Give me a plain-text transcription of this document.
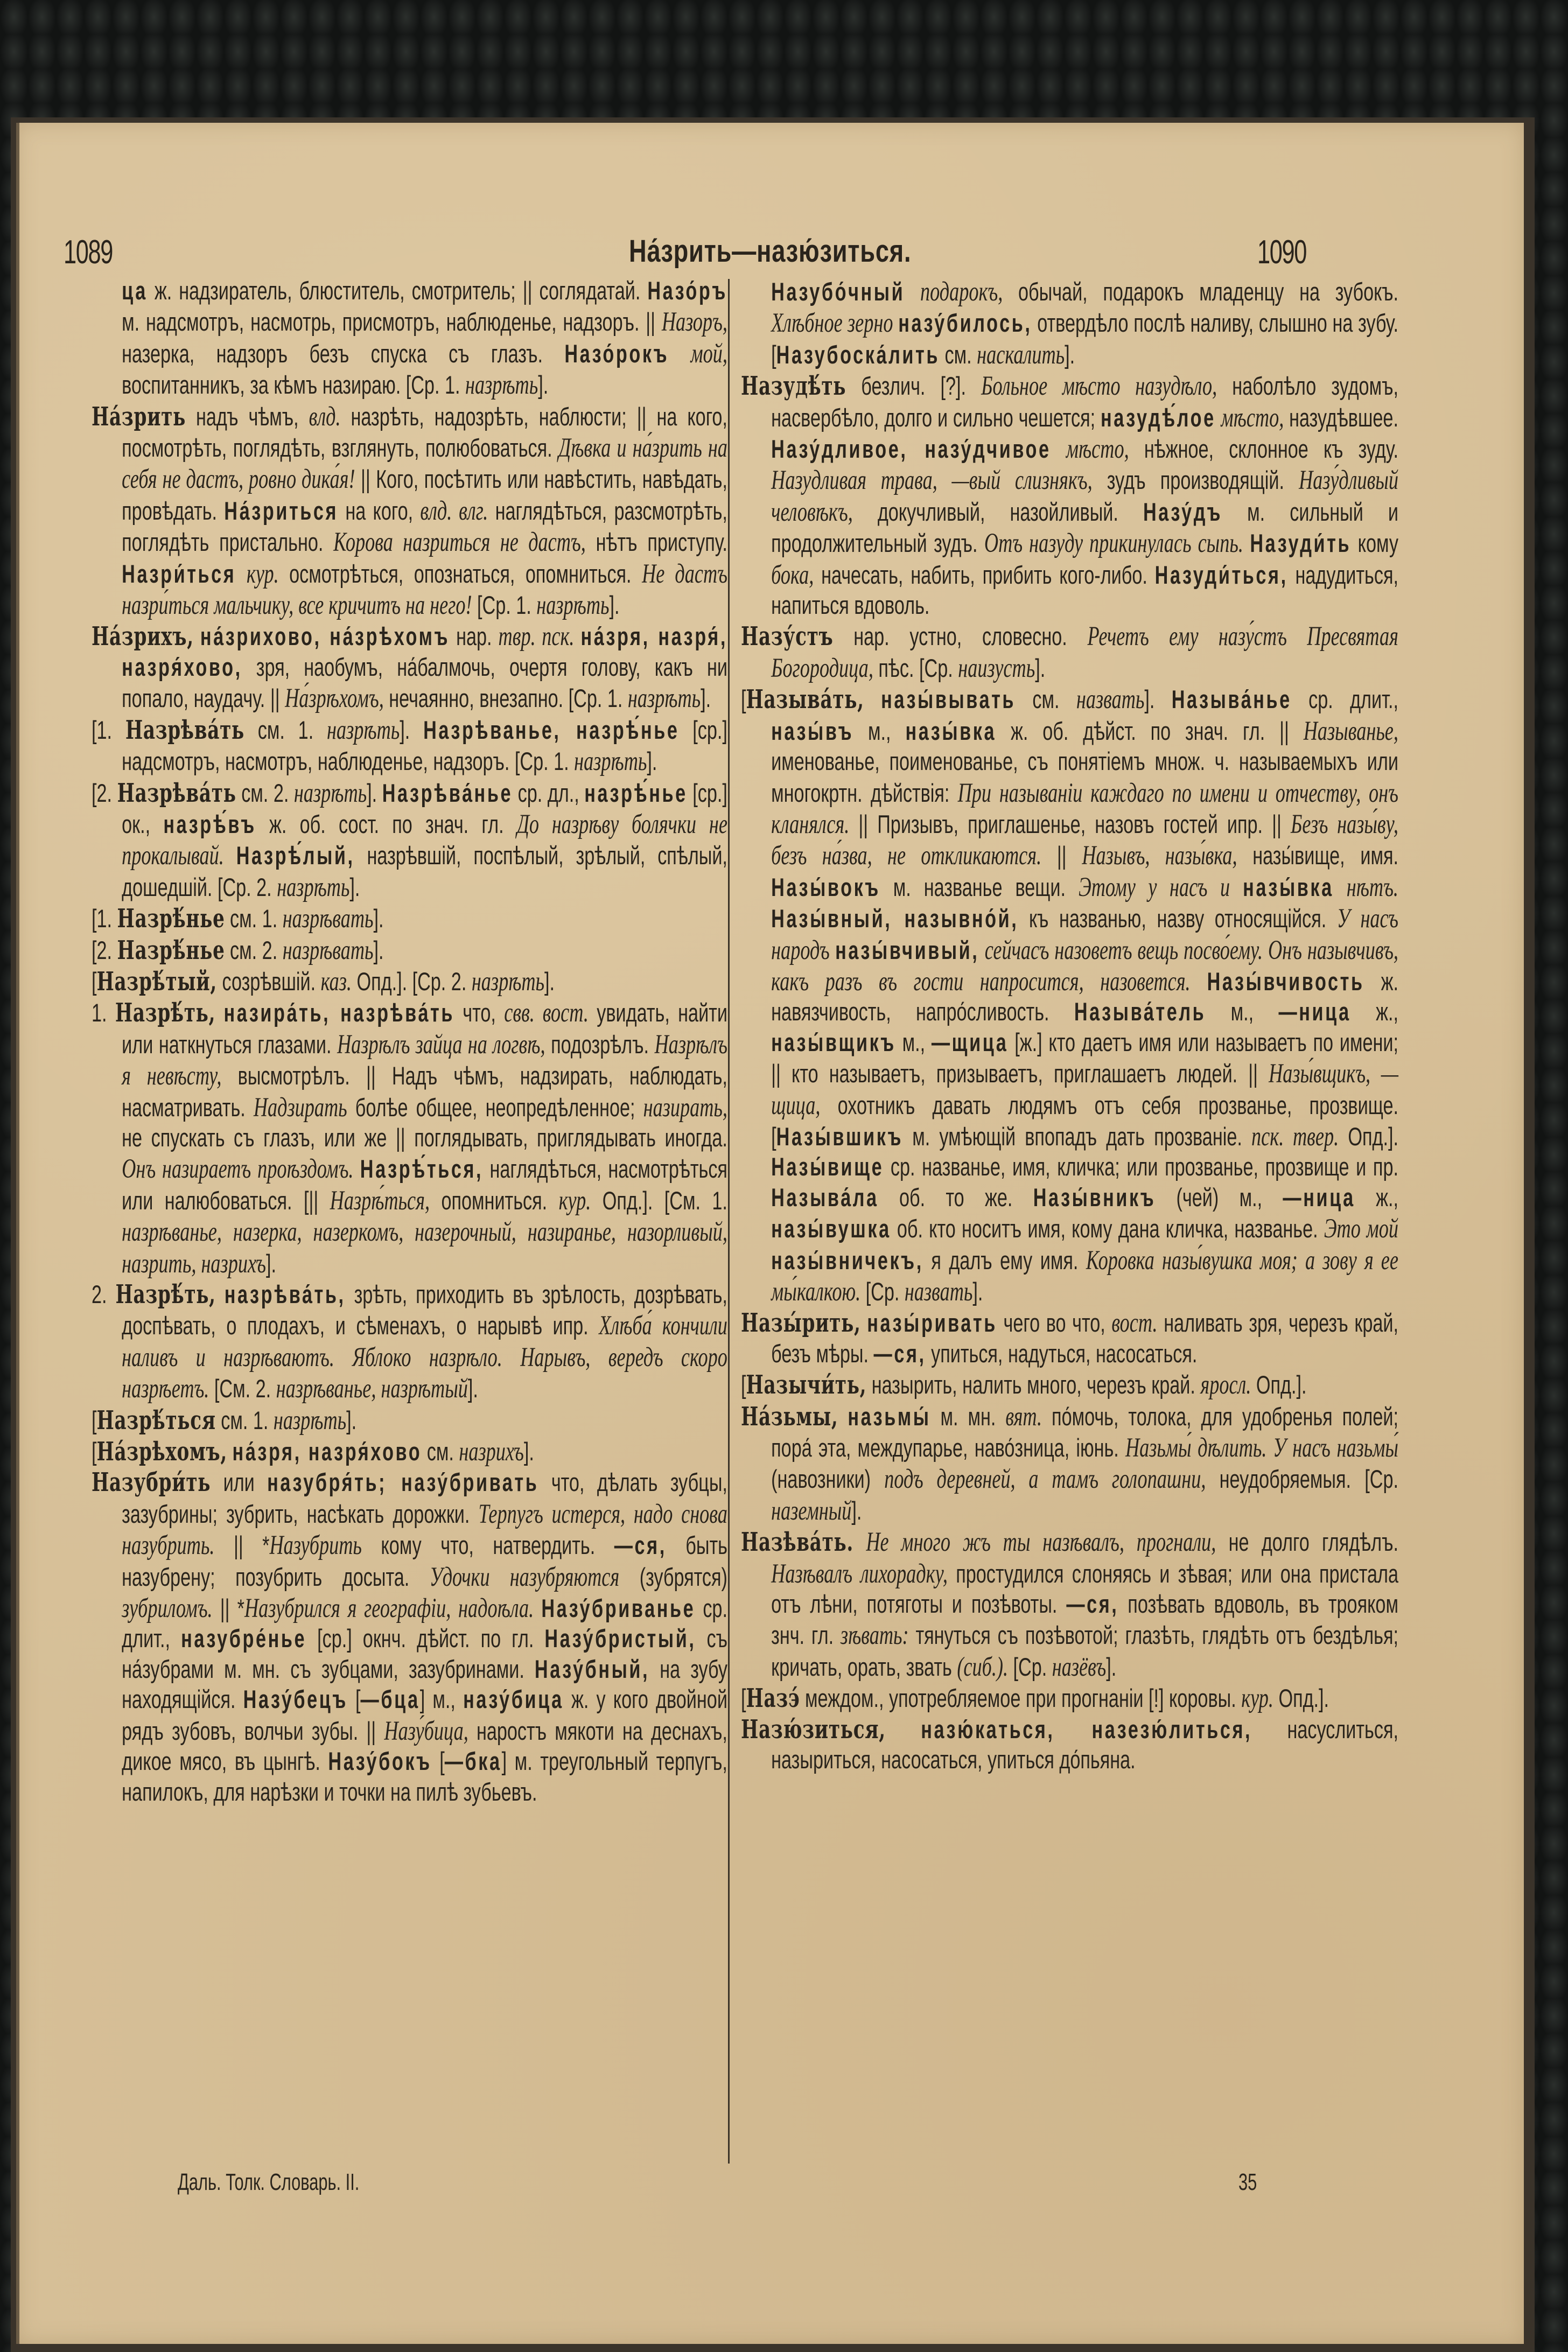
1089	На́зрить—назю́зиться.	1090

ца ж. надзиратель, блюститель, смотритель; || соглядатай. Назо́ръ м. надсмотръ, насмотрь, присмотръ, наблюденье, надзоръ. || Назоръ, назерка, надзоръ безъ спуска съ глазъ. Назо́рокъ мой, воспитанникъ, за кѣмъ назираю. [Ср. 1. назрѣть].

На́зрить надъ чѣмъ, влд. назрѣть, надозрѣть, наблюсти; || на кого, посмотрѣть, поглядѣть, взглянуть, полюбоваться. Дѣвка и на́зрить на себя не дастъ, ровно дика́я! || Кого, посѣтить или навѣстить, навѣдать, провѣдать. На́зриться на кого, влд. влг. наглядѣться, разсмотрѣть, поглядѣть пристально. Корова назриться не дастъ, нѣтъ приступу. Назри́ться кур. осмотрѣться, опознаться, опомниться. Не дастъ назри́ться мальчику, все кричитъ на него! [Ср. 1. назрѣть].

На́зрихъ, на́зрихово, на́зрѣхомъ нар. твр. пск. на́зря, назря́, назря́хово, зря, наобумъ, на́балмочь, очертя голову, какъ ни попало, наудачу. || На́зрѣхомъ, нечаянно, внезапно. [Ср. 1. назрѣть].

[1. Назрѣва́ть см. 1. назрѣть]. Назрѣванье, назрѣ́нье [ср.] надсмотръ, насмотръ, наблюденье, надзоръ. [Ср. 1. назрѣть].

[2. Назрѣва́ть см. 2. назрѣть]. Назрѣва́нье ср. дл., назрѣ́нье [ср.] ок., назрѣ́въ ж. об. сост. по знач. гл. До назрѣву болячки не прокалывай. Назрѣ́лый, назрѣвшій, поспѣлый, зрѣлый, спѣлый, дошедшій. [Ср. 2. назрѣть].

[1. Назрѣ́нье см. 1. назрѣвать].

[2. Назрѣ́нье см. 2. назрѣвать].

[Назрѣ́тый, созрѣвшій. каз. Опд.]. [Ср. 2. назрѣть].

1. Назрѣ́ть, назира́ть, назрѣва́ть что, свв. вост. увидать, найти или наткнуться глазами. Назрѣлъ зайца на логвѣ, подозрѣлъ. Назрѣлъ я невѣсту, высмотрѣлъ. || Надъ чѣмъ, надзирать, наблюдать, насматривать. Надзирать болѣе общее, неопредѣленное; назирать, не спускать съ глазъ, или же || поглядывать, приглядывать иногда. Онъ назираетъ проѣздомъ. Назрѣ́ться, наглядѣться, насмотрѣться или налюбоваться. [|| Назрѣ́ться, опомниться. кур. Опд.]. [См. 1. назрѣванье, назерка, назеркомъ, назерочный, назиранье, назорливый, назрить, назрихъ].

2. Назрѣ́ть, назрѣва́ть, зрѣть, приходить въ зрѣлость, дозрѣвать, доспѣвать, о плодахъ, и сѣменахъ, о нарывѣ ипр. Хлѣба́ кончили наливъ и назрѣваютъ. Яблоко назрѣло. Нарывъ, вередъ скоро назрѣетъ. [См. 2. назрѣванье, назрѣтый].

[Назрѣ́ться см. 1. назрѣть].

[На́зрѣхомъ, на́зря, назря́хово см. назрихъ].

Назубри́ть или назубря́ть; назу́бривать что, дѣлать зубцы, зазубрины; зубрить, насѣкать дорожки. Терпугъ истерся, надо снова назубрить. || *Назубрить кому что, натвердить. —ся, быть назубрену; позубрить досыта. Удочки назубряются (зубрятся) зубриломъ. || *Назубрился я географіи, надоѣла. Назу́бриванье ср. длит., назубре́нье [ср.] окнч. дѣйст. по гл. Назу́бристый, съ на́зубрами м. мн. съ зубцами, зазубринами. Назу́бный, на зубу находящійся. Назу́бецъ [—бца] м., назу́бица ж. у кого двойной рядъ зубовъ, волчьи зубы. || Назу́бица, наростъ мякоти на деснахъ, дикое мясо, въ цынгѣ. Назу́бокъ [—бка] м. треугольный терпугъ, напилокъ, для нарѣзки и точки на пилѣ зубьевъ.

Назубо́чный подарокъ, обычай, подарокъ младенцу на зубокъ. Хлѣбное зерно назу́билось, отвердѣло послѣ наливу, слышно на зубу. [Назубоска́лить см. наскалить].

Назудѣ́ть безлич. [?]. Больное мѣсто назудѣло, наболѣло зудомъ, насвербѣло, долго и сильно чешется; назудѣ́лое мѣсто, назудѣвшее. Назу́дливое, назу́дчивое мѣсто, нѣжное, склонное къ зуду. Назудливая трава, —вый слизнякъ, зудъ производящій. Назу́дливый человѣкъ, докучливый, назойливый. Назу́дъ м. сильный и продолжительный зудъ. Отъ назуду прикинулась сыпь. Назуди́ть кому бока, начесать, набить, прибить кого-либо. Назуди́ться, надудиться, напиться вдоволь.

Назу́стъ нар. устно, словесно. Речетъ ему назу́стъ Пресвятая Богородица, пѣс. [Ср. наизусть].

[Называ́ть, назы́вывать см. назвать]. Называ́нье ср. длит., назы́въ м., назы́вка ж. об. дѣйст. по знач. гл. || Называнье, именованье, поименованье, съ понятіемъ множ. ч. называемыхъ или многокртн. дѣйствія: При называніи каждаго по имени и отчеству, онъ кланялся. || Призывъ, приглашенье, назовъ гостей ипр. || Безъ назы́ву, безъ на́зва, не откликаются. || Назывъ, назы́вка, назы́вище, имя. Назы́вокъ м. названье вещи. Этому у насъ и назы́вка нѣтъ. Назы́вный, назывно́й, къ названью, назву относящійся. У насъ народъ назы́вчивый, сейчасъ назоветъ вещь посво́ему. Онъ назывчивъ, какъ разъ въ гости напросится, назовется. Назы́вчивость ж. навязчивость, напро́сливость. Называ́тель м., —ница ж., назы́вщикъ м., —щица [ж.] кто даетъ имя или называетъ по имени; || кто называетъ, призываетъ, приглашаетъ людей. || Назы́вщикъ, —щица, охотникъ давать людямъ отъ себя прозванье, прозвище. [Назы́вшикъ м. умѣющій впопадъ дать прозваніе. пск. твер. Опд.]. Назы́вище ср. названье, имя, кличка; или прозванье, прозвище и пр. Называ́ла об. то же. Назы́вникъ (чей) м., —ница ж., назы́вушка об. кто носитъ имя, кому дана кличка, названье. Это мой назы́вничекъ, я далъ ему имя. Коровка назы́вушка моя; а зову я ее мы́калкою. [Ср. назвать].

Назы́рить, назы́ривать чего во что, вост. наливать зря, черезъ край, безъ мѣры. —ся, упиться, надуться, насосаться.

[Назычи́ть, назырить, налить много, черезъ край. яросл. Опд.].

На́зьмы, назьмы́ м. мн. вят. по́мочь, толока, для удобренья полей; пора́ эта, междупарье, наво́зница, іюнь. Назьмы́ дѣлить. У насъ назьмы́ (навозники) подъ деревней, а тамъ голопашни, неудобряемыя. [Ср. наземный].

Назѣва́ть. Не много жъ ты назѣвалъ, прогнали, не долго глядѣлъ. Назѣвалъ лихорадку, простудился слоняясь и зѣвая; или она пристала отъ лѣни, потяготы и позѣвоты. —ся, позѣвать вдоволь, въ трояком знч. гл. зѣвать: тянуться съ позѣвотой; глазѣть, глядѣть отъ бездѣлья; кричать, орать, звать (сиб.). [Ср. назёвъ].

[Назэ́ междом., употребляемое при прогнаніи [!] коровы. кур. Опд.].

Назю́зиться, назю́каться, назезю́литься, насуслиться, назыриться, насосаться, упиться до́пьяна.

Даль. Толк. Словарь. II.	35
